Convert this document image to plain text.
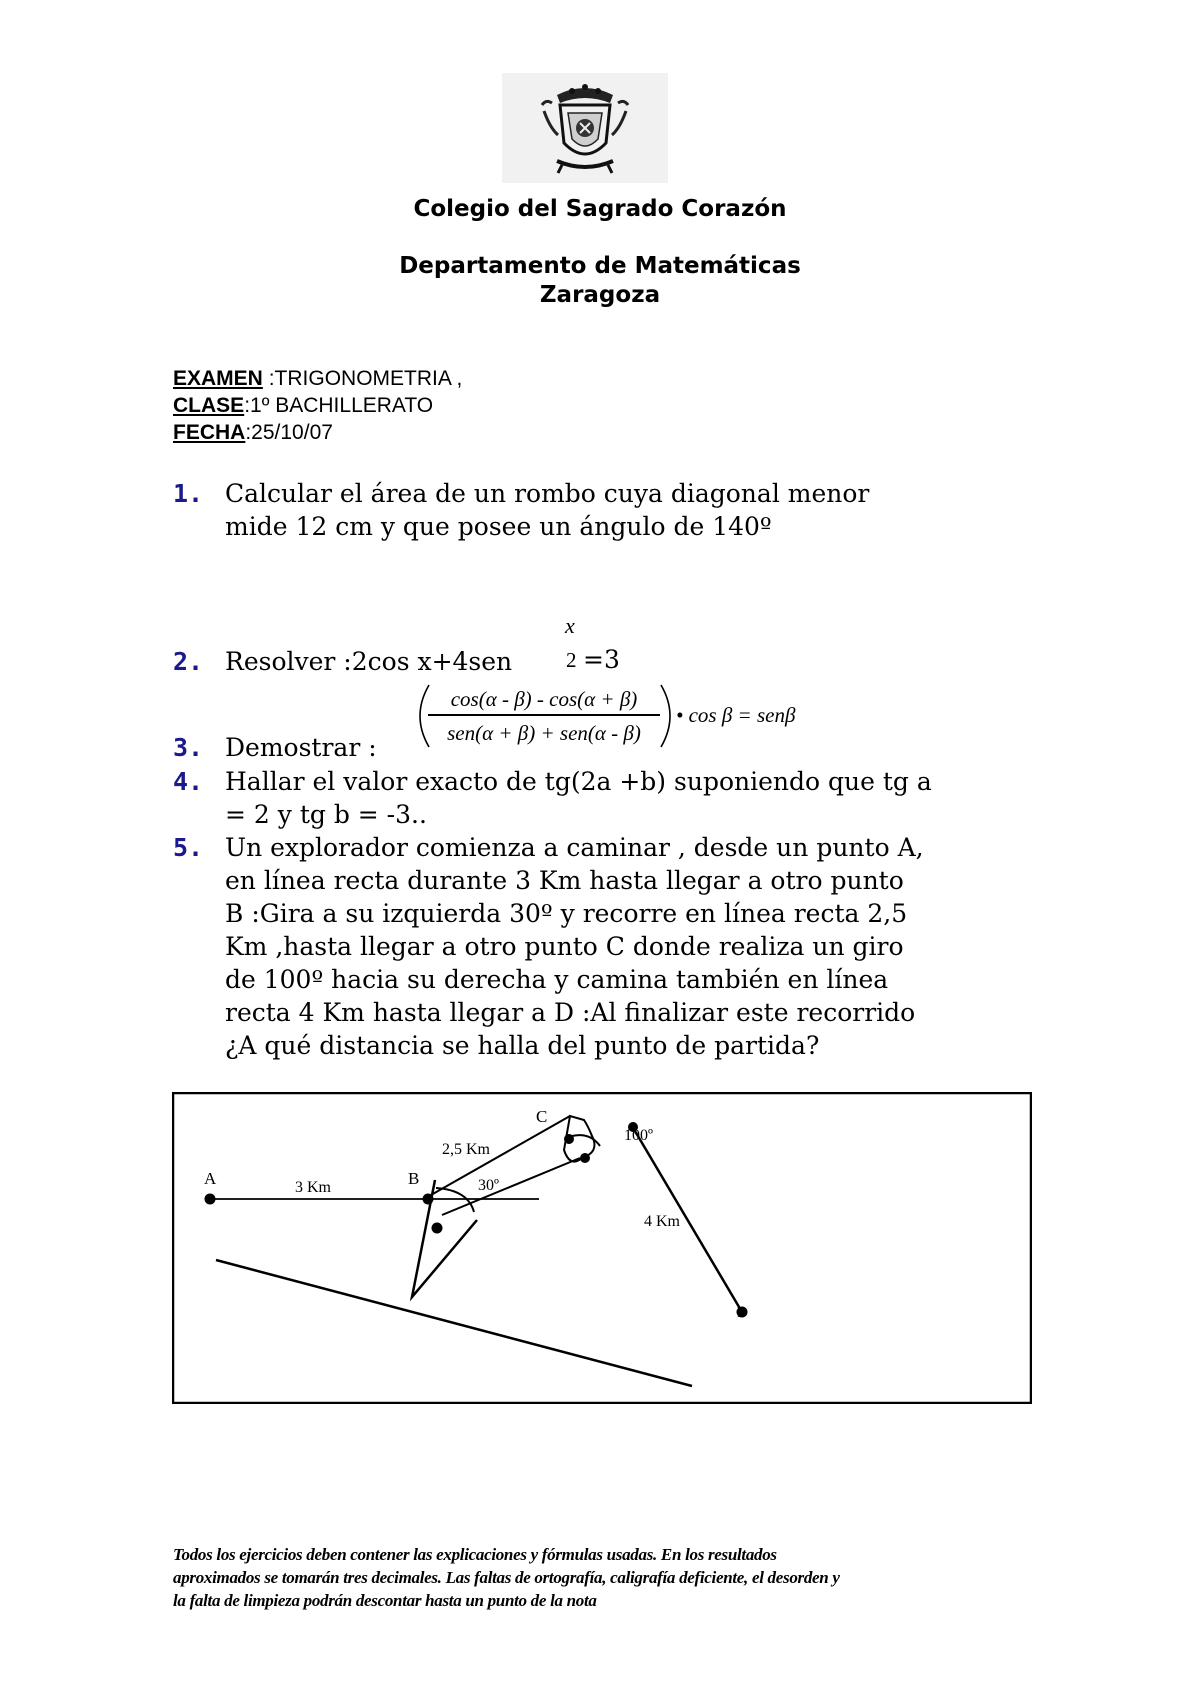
Colegio del Sagrado Corazón
Departamento de Matemáticas
Zaragoza
EXAMEN :TRIGONOMETRIA ,
CLASE:1º BACHILLERATO
FECHA:25/10/07
1. Calcular el área de un rombo cuya diagonal menor
mide 12 cm y que posee un ángulo de 140º
2. Resolver :2cos x+4sen
x
2 =3
3. Demostrar :
cos(α - β) - cos(α + β)
sen(α + β) + sen(α - β)
• cos β = senβ
4. Hallar el valor exacto de tg(2a +b) suponiendo que tg a
= 2 y tg b = -3..
5. Un explorador comienza a caminar , desde un punto A,
en línea recta durante 3 Km hasta llegar a otro punto
B :Gira a su izquierda 30º y recorre en línea recta 2,5
Km ,hasta llegar a otro punto C donde realiza un giro
de 100º hacia su derecha y camina también en línea
recta 4 Km hasta llegar a D :Al finalizar este recorrido
¿A qué distancia se halla del punto de partida?
A	B
C
D
3 Km
2,5 Km
30º
100º
4 Km
Todos los ejercicios deben contener las explicaciones y fórmulas usadas. En los resultados
aproximados se tomarán tres decimales. Las faltas de ortografía, caligrafía deficiente, el desorden y
la falta de limpieza podrán descontar hasta un punto de la nota
